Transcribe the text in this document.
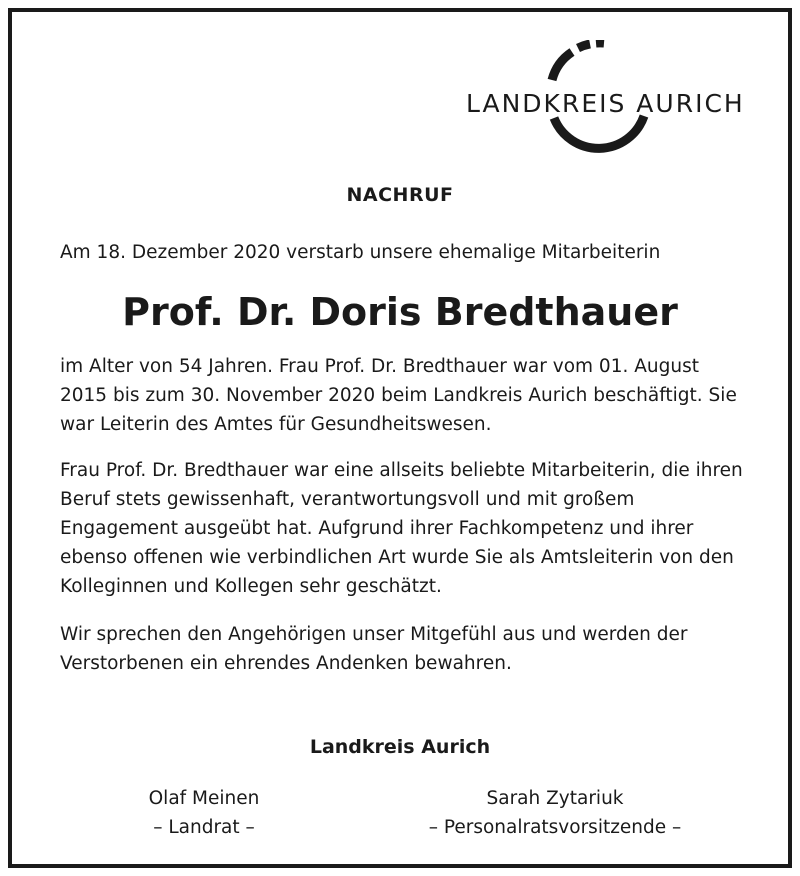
LANDKREIS AURICH
NACHRUF
Am 18. Dezember 2020 verstarb unsere ehemalige Mitarbeiterin
Prof. Dr. Doris Bredthauer

im Alter von 54 Jahren. Frau Prof. Dr. Bredthauer war vom 01. August 2015 bis zum 30. November 2020 beim Landkreis Aurich beschäftigt. Sie war Leiterin des Amtes für Gesundheitswesen.

Frau Prof. Dr. Bredthauer war eine allseits beliebte Mitarbeiterin, die ihren Beruf stets gewissenhaft, verantwortungsvoll und mit großem Engagement ausgeübt hat. Aufgrund ihrer Fachkompetenz und ihrer ebenso offenen wie verbindlichen Art wurde Sie als Amtsleiterin von den Kolleginnen und Kollegen sehr geschätzt.

Wir sprechen den Angehörigen unser Mitgefühl aus und werden der Verstorbenen ein ehrendes Andenken bewahren.

Landkreis Aurich
Olaf Meinen
– Landrat –
Sarah Zytariuk
– Personalratsvorsitzende –
